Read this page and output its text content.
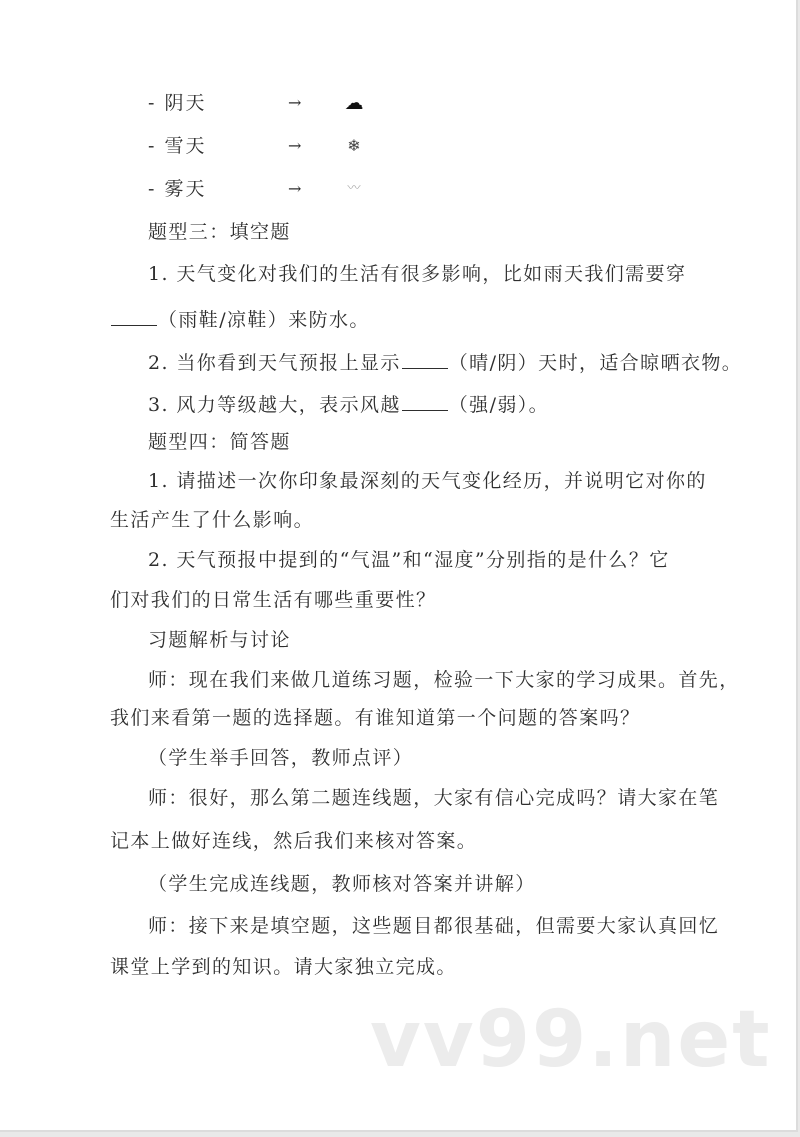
- 阴天	→ ☁
- 雪天	→	❄
- 雾天	→	〰
题型三：填空题
1. 天气变化对我们的生活有很多影响，比如雨天我们需要穿
（雨鞋/凉鞋）来防水。
2. 当你看到天气预报上显示	（晴/阴）天时，适合晾晒衣物。
3. 风力等级越大，表示风越	（强/弱）。
题型四：简答题
1. 请描述一次你印象最深刻的天气变化经历，并说明它对你的
生活产生了什么影响。
2. 天气预报中提到的“气温”和“湿度”分别指的是什么？它
们对我们的日常生活有哪些重要性？
习题解析与讨论
师：现在我们来做几道练习题，检验一下大家的学习成果。首先，
我们来看第一题的选择题。有谁知道第一个问题的答案吗？
（学生举手回答，教师点评）
师：很好，那么第二题连线题，大家有信心完成吗？请大家在笔
记本上做好连线，然后我们来核对答案。
（学生完成连线题，教师核对答案并讲解）
师：接下来是填空题，这些题目都很基础，但需要大家认真回忆
课堂上学到的知识。请大家独立完成。
vv99.net
